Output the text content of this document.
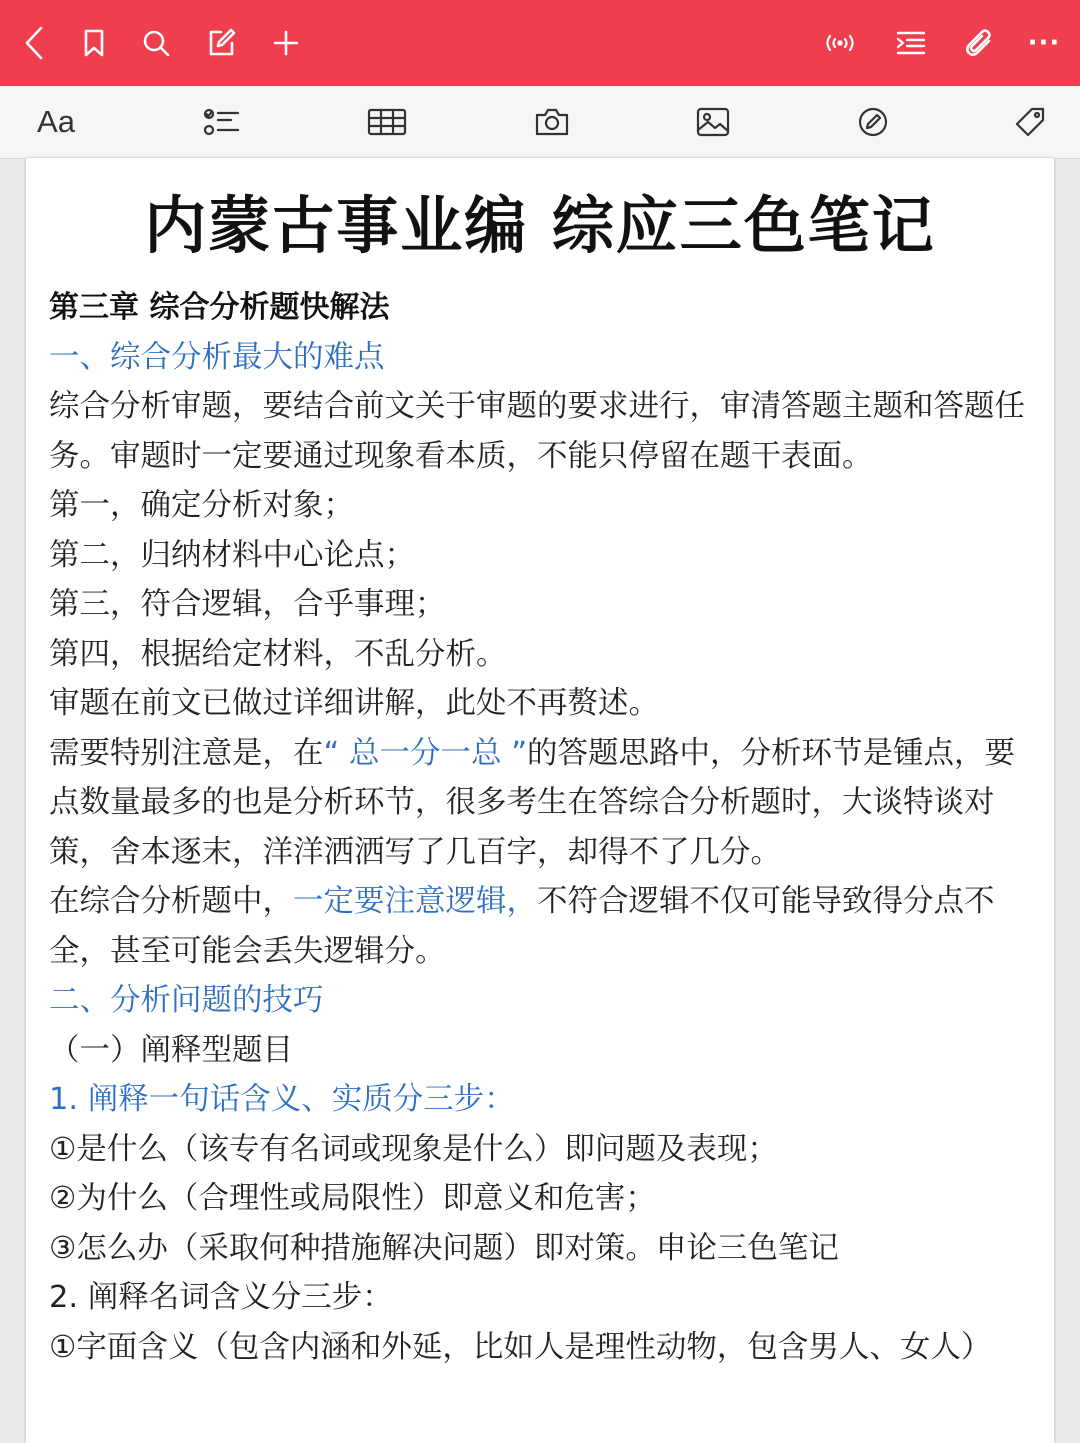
···
Aa
内蒙古事业编 综应三色笔记
第三章 综合分析题快解法
一、综合分析最大的难点
综合分析审题，要结合前文关于审题的要求进行，审清答题主题和答题任务。审题时一定要通过现象看本质，不能只停留在题干表面。
第一，确定分析对象；
第二，归纳材料中心论点；
第三，符合逻辑，合乎事理；
第四，根据给定材料，不乱分析。
审题在前文已做过详细讲解，此处不再赘述。
需要特别注意是，在“ 总一分一总 ”的答题思路中，分析环节是锺点，要点数量最多的也是分析环节，很多考生在答综合分析题时，大谈特谈对策，舍本逐末，洋洋洒洒写了几百字，却得不了几分。
在综合分析题中，一定要注意逻辑，不符合逻辑不仅可能导致得分点不全，甚至可能会丢失逻辑分。
二、分析问题的技巧
（一）阐释型题目
1. 阐释一句话含义、实质分三步：
①是什么（该专有名词或现象是什么）即问题及表现；
②为什么（合理性或局限性）即意义和危害；
③怎么办（采取何种措施解决问题）即对策。申论三色笔记
2. 阐释名词含义分三步：
①字面含义（包含内涵和外延，比如人是理性动物，包含男人、女人）
